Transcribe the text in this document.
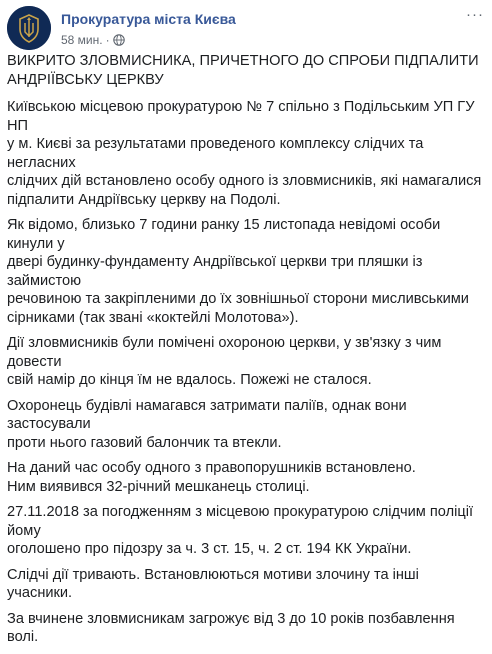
Прокуратура міста Києва
58 мин. ·
···

ВИКРИТО ЗЛОВМИСНИКА, ПРИЧЕТНОГО ДО СПРОБИ ПІДПАЛИТИ
АНДРІЇВСЬКУ ЦЕРКВУ

Київською місцевою прокуратурою № 7 спільно з Подільським УП ГУ НП
у м. Києві за результатами проведеного комплексу слідчих та негласних
слідчих дій встановлено особу одного із зловмисників, які намагалися
підпалити Андріївську церкву на Подолі.

Як відомо, близько 7 години ранку 15 листопада невідомі особи кинули у
двері будинку-фундаменту Андріївської церкви три пляшки із займистою
речовиною та закріпленими до їх зовнішньої сторони мисливськими
сірниками (так звані «коктейлі Молотова»).

Дії зловмисників були помічені охороною церкви, у зв'язку з чим довести
свій намір до кінця їм не вдалось. Пожежі не сталося.

Охоронець будівлі намагався затримати паліїв, однак вони застосували
проти нього газовий балончик та втекли.

На даний час особу одного з правопорушників встановлено.
Ним виявився 32-річний мешканець столиці.

27.11.2018 за погодженням з місцевою прокуратурою слідчим поліції йому
оголошено про підозру за ч. 3 ст. 15, ч. 2 ст. 194 КК України.

Слідчі дії тривають. Встановлюються мотиви злочину та інші учасники.

За вчинене зловмисникам загрожує від 3 до 10 років позбавлення волі.
